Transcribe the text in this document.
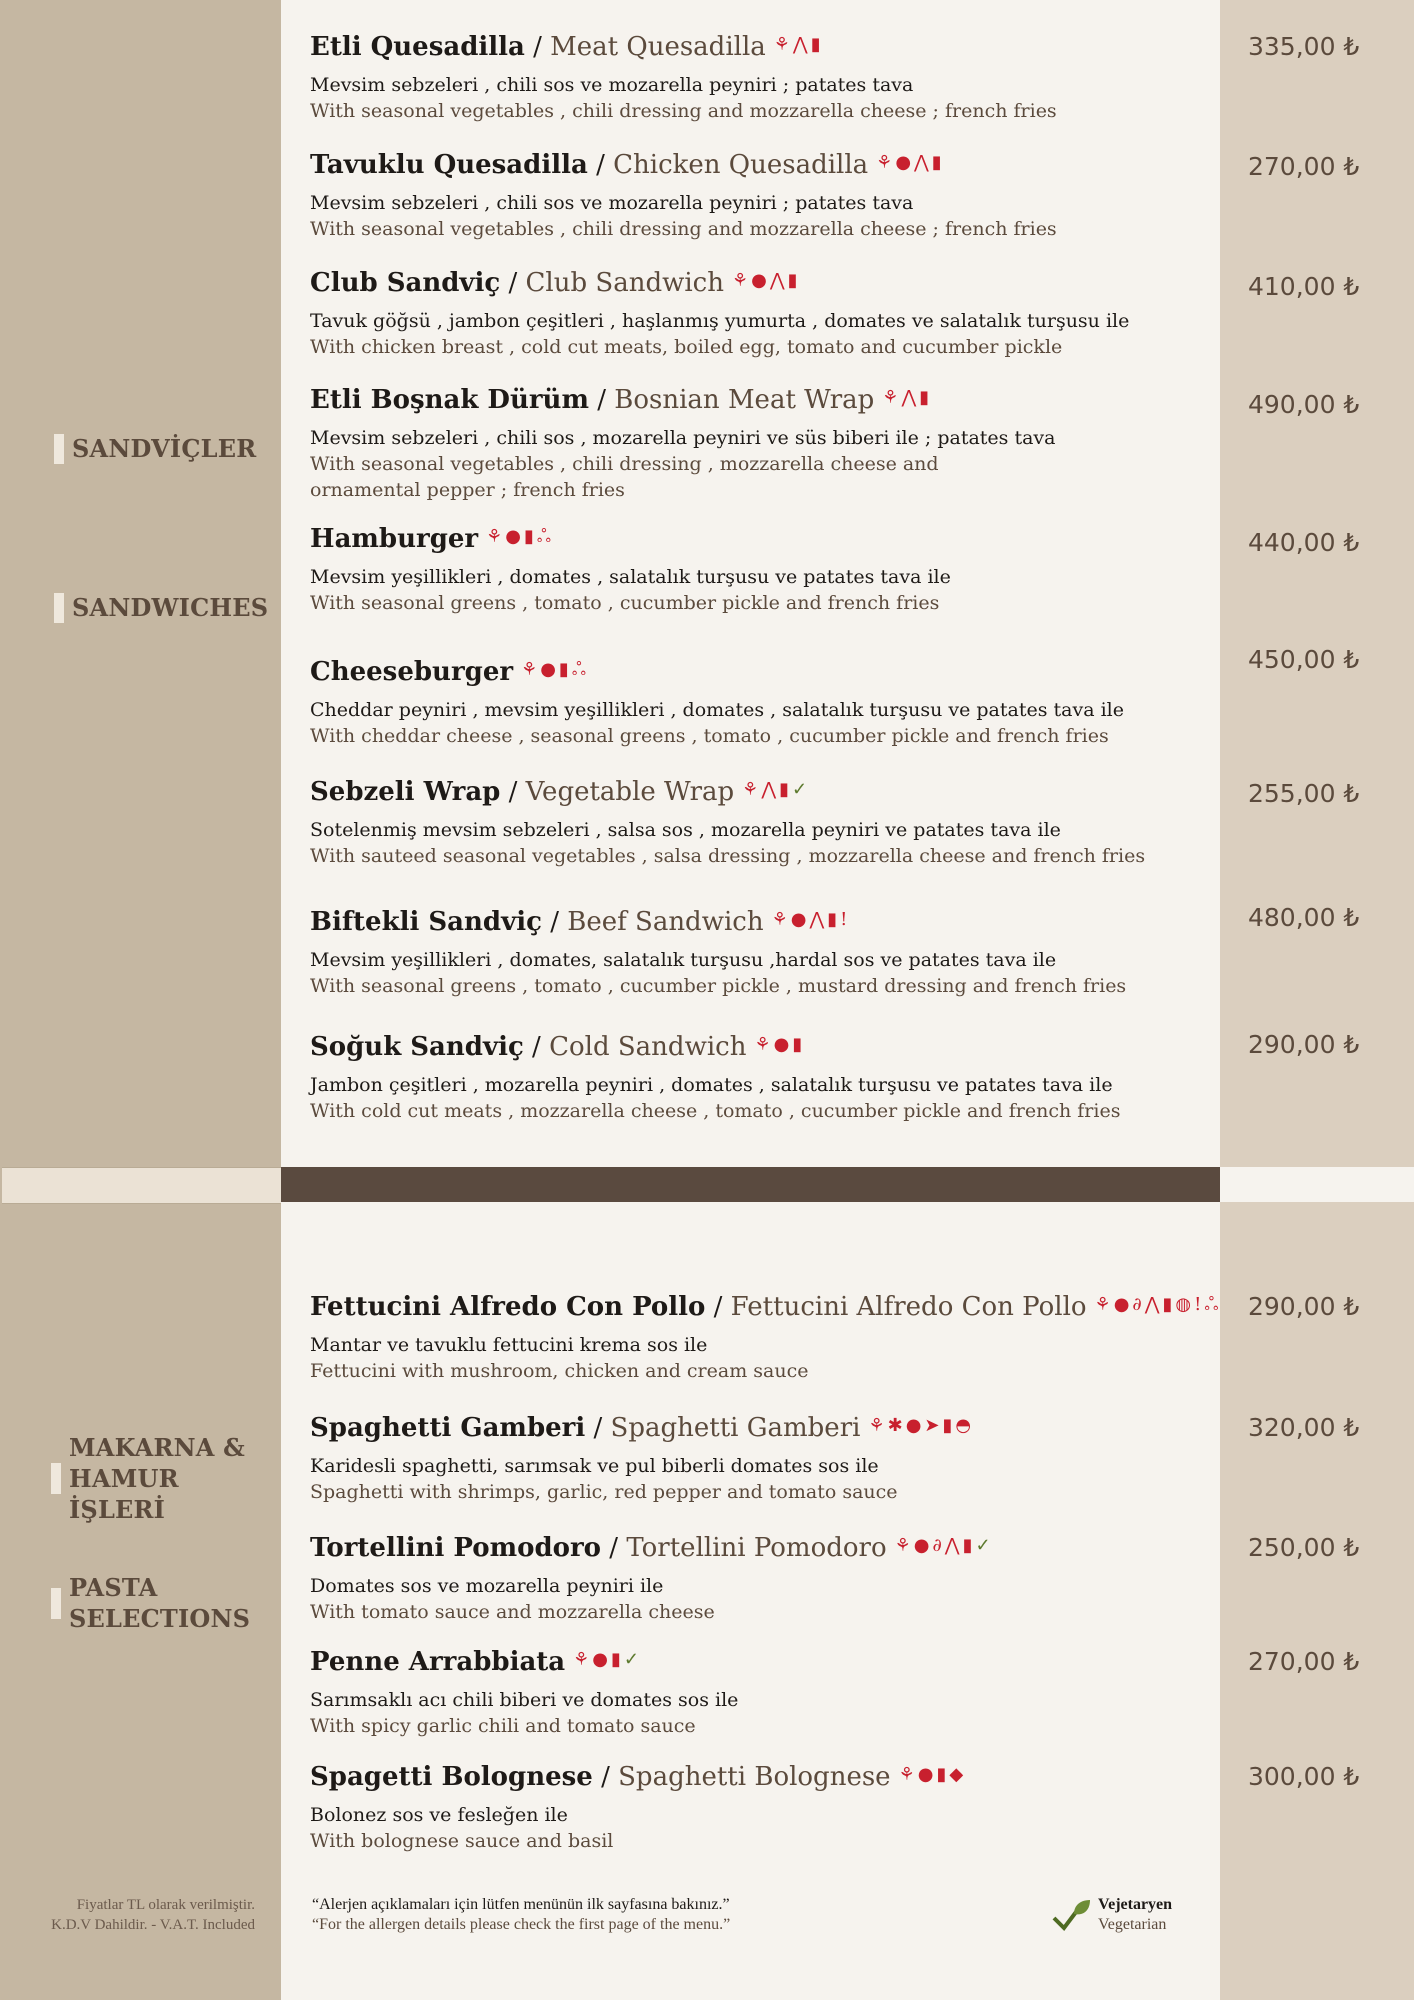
SANDVİÇLER
SANDWICHES
MAKARNA & HAMUR İŞLERİ
PASTA SELECTIONS
Etli Quesadilla / Meat Quesadilla ⚘ ⋀ ▮
Mevsim sebzeleri , chili sos ve mozarella peyniri ; patates tava
With seasonal vegetables , chili dressing and mozzarella cheese ; french fries
335,00 ₺
Tavuklu Quesadilla / Chicken Quesadilla ⚘ ● ⋀ ▮
Mevsim sebzeleri , chili sos ve mozarella peyniri ; patates tava
With seasonal vegetables , chili dressing and mozzarella cheese ; french fries
270,00 ₺
Club Sandviç / Club Sandwich ⚘ ● ⋀ ▮
Tavuk göğsü , jambon çeşitleri , haşlanmış yumurta , domates ve salatalık turşusu ile
With chicken breast , cold cut meats, boiled egg, tomato and cucumber pickle
410,00 ₺
Etli Boşnak Dürüm / Bosnian Meat Wrap ⚘ ⋀ ▮
Mevsim sebzeleri , chili sos , mozarella peyniri ve süs biberi ile ; patates tava
With seasonal vegetables , chili dressing , mozzarella cheese and ornamental pepper ; french fries
490,00 ₺
Hamburger ⚘ ● ▮ ஃ
Mevsim yeşillikleri , domates , salatalık turşusu ve patates tava ile
With seasonal greens , tomato , cucumber pickle and french fries
440,00 ₺
Cheeseburger ⚘ ● ▮ ஃ
Cheddar peyniri , mevsim yeşillikleri , domates , salatalık turşusu ve patates tava ile
With cheddar cheese , seasonal greens , tomato , cucumber pickle and french fries
450,00 ₺
Sebzeli Wrap / Vegetable Wrap ⚘ ⋀ ▮ ✓
Sotelenmiş mevsim sebzeleri , salsa sos , mozarella peyniri ve patates tava ile
With sauteed seasonal vegetables , salsa dressing , mozzarella cheese and french fries
255,00 ₺
Biftekli Sandviç / Beef Sandwich ⚘ ● ⋀ ▮ !
Mevsim yeşillikleri , domates, salatalık turşusu ,hardal sos ve patates tava ile
With seasonal greens , tomato , cucumber pickle , mustard dressing and french fries
480,00 ₺
Soğuk Sandviç / Cold Sandwich ⚘ ● ▮
Jambon çeşitleri , mozarella peyniri , domates , salatalık turşusu ve patates tava ile
With cold cut meats , mozzarella cheese , tomato , cucumber pickle and french fries
290,00 ₺
Fettucini Alfredo Con Pollo / Fettucini Alfredo Con Pollo ⚘ ● ∂ ⋀ ▮ ◍ ! ஃ
Mantar ve tavuklu fettucini krema sos ile
Fettucini with mushroom, chicken and cream sauce
290,00 ₺
Spaghetti Gamberi / Spaghetti Gamberi ⚘ ✱ ● ➤ ▮ ◓
Karidesli spaghetti, sarımsak ve pul biberli domates sos ile
Spaghetti with shrimps, garlic, red pepper and tomato sauce
320,00 ₺
Tortellini Pomodoro / Tortellini Pomodoro ⚘ ● ∂ ⋀ ▮ ✓
Domates sos ve mozarella peyniri ile
With tomato sauce and mozzarella cheese
250,00 ₺
Penne Arrabbiata ⚘ ● ▮ ✓
Sarımsaklı acı chili biberi ve domates sos ile
With spicy garlic chili and tomato sauce
270,00 ₺
Spagetti Bolognese / Spaghetti Bolognese ⚘ ● ▮ ◆
Bolonez sos ve fesleğen ile
With bolognese sauce and basil
300,00 ₺
Fiyatlar TL olarak verilmiştir.
K.D.V Dahildir. - V.A.T. Included
“Alerjen açıklamaları için lütfen menünün ilk sayfasına bakınız.”
“For the allergen details please check the first page of the menu.”
Vejetaryen
Vegetarian
